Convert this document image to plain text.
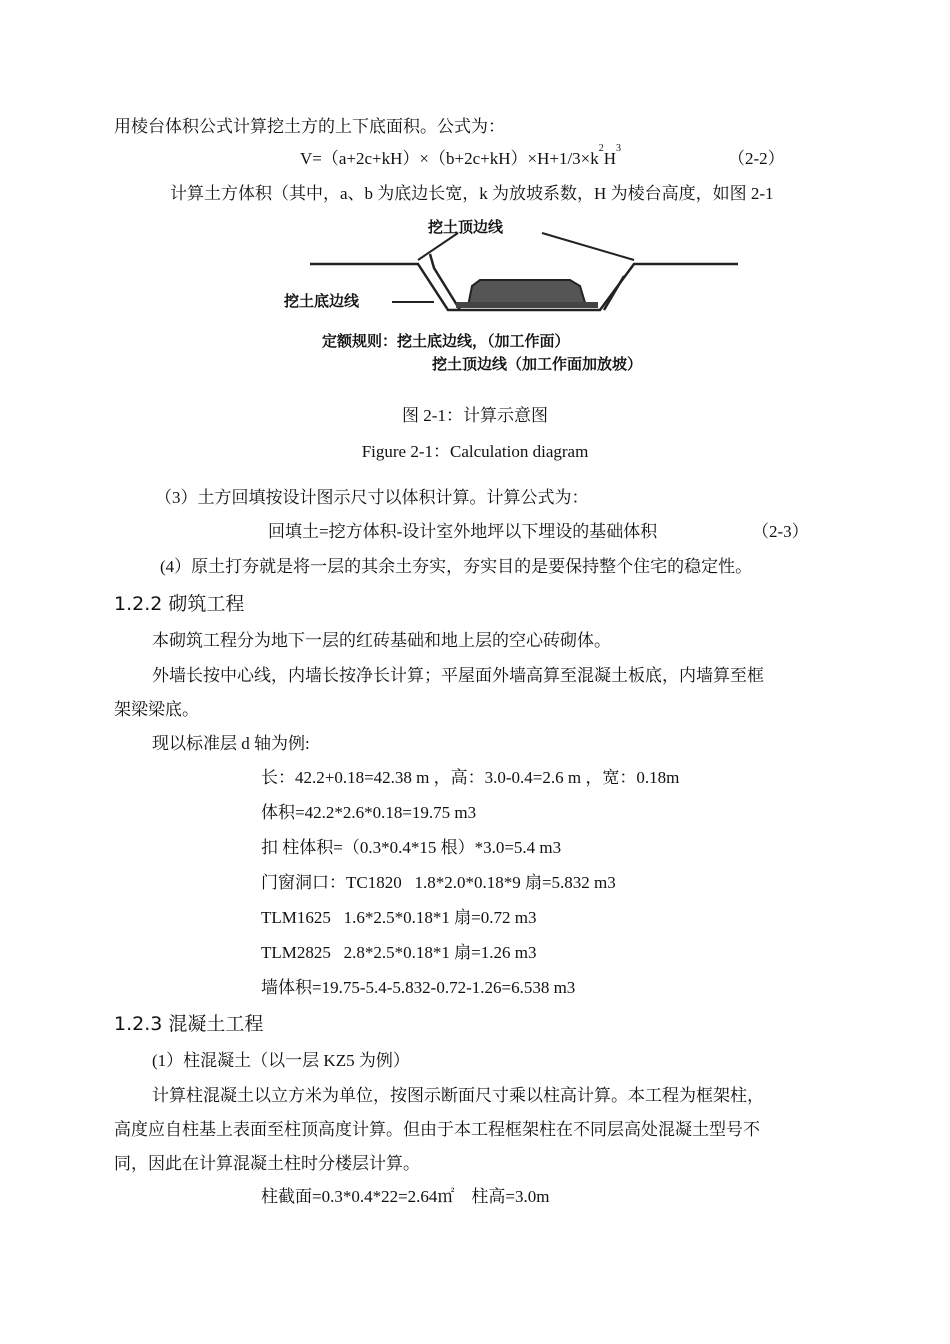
用棱台体积公式计算挖土方的上下底面积。公式为：
$V=(a+2c+kH)\times(b+2c+kH)\times H+1/3\times k^2H^3$
（2-2）
计算土方体积（其中，a、b 为底边长宽，k 为放坡系数，H 为棱台高度，如图 2-1
挖土顶边线
挖土底边线
定额规则：挖土底边线，（加工作面）
挖土顶边线（加工作面加放坡）
图 2-1：计算示意图
Figure 2-1：Calculation diagram
（3）土方回填按设计图示尺寸以体积计算。计算公式为：
回填土=挖方体积-设计室外地坪以下埋设的基础体积	（2-3）
(4）原土打夯就是将一层的其余土夯实，夯实目的是要保持整个住宅的稳定性。
1.2.2 砌筑工程
本砌筑工程分为地下一层的红砖基础和地上层的空心砖砌体。
外墙长按中心线，内墙长按净长计算；平屋面外墙高算至混凝土板底，内墙算至框
架梁梁底。
现以标准层 d 轴为例:
长：42.2+0.18=42.38 m ，高：3.0-0.4=2.6 m ，宽：0.18m
体积=42.2*2.6*0.18=19.75 m3
扣 柱体积=（0.3*0.4*15 根）*3.0=5.4 m3
门窗洞口：TC1820   1.8*2.0*0.18*9 扇=5.832 m3
TLM1625   1.6*2.5*0.18*1 扇=0.72 m3
TLM2825   2.8*2.5*0.18*1 扇=1.26 m3
墙体积=19.75-5.4-5.832-0.72-1.26=6.538 m3
1.2.3 混凝土工程
(1）柱混凝土（以一层 KZ5 为例）
计算柱混凝土以立方米为单位，按图示断面尺寸乘以柱高计算。本工程为框架柱，
高度应自柱基上表面至柱顶高度计算。但由于本工程框架柱在不同层高处混凝土型号不
同，因此在计算混凝土柱时分楼层计算。
柱截面=0.3*0.4*22=2.64㎡    柱高=3.0m
